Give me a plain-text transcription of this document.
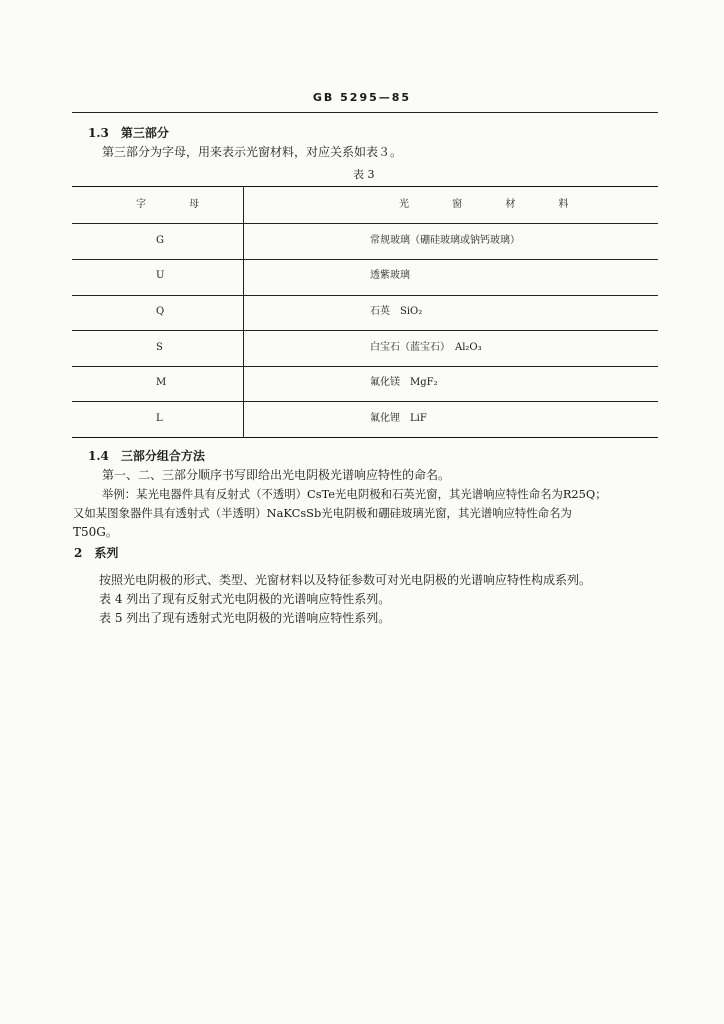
GB 5295—85
1.3　第三部分
第三部分为字母，用来表示光窗材料，对应关系如表３。
表 3
字 母	光 窗 材 料
G	常规玻璃（硼硅玻璃或钠钙玻璃）
U	透紫玻璃
Q	石英　SiO₂
S	白宝石（蓝宝石）　Al₂O₃
M	氟化镁　MgF₂
L	氟化锂　LiF
1.4　三部分组合方法
第一、二、三部分顺序书写即给出光电阴极光谱响应特性的命名。
举例：某光电器件具有反射式（不透明）CsTe光电阴极和石英光窗，其光谱响应特性命名为R25Q；
又如某图象器件具有透射式（半透明）NaKCsSb光电阴极和硼硅玻璃光窗，其光谱响应特性命名为
T50G。
2　系列
按照光电阴极的形式、类型、光窗材料以及特征参数可对光电阴极的光谱响应特性构成系列。
表 4 列出了现有反射式光电阴极的光谱响应特性系列。
表 5 列出了现有透射式光电阴极的光谱响应特性系列。
